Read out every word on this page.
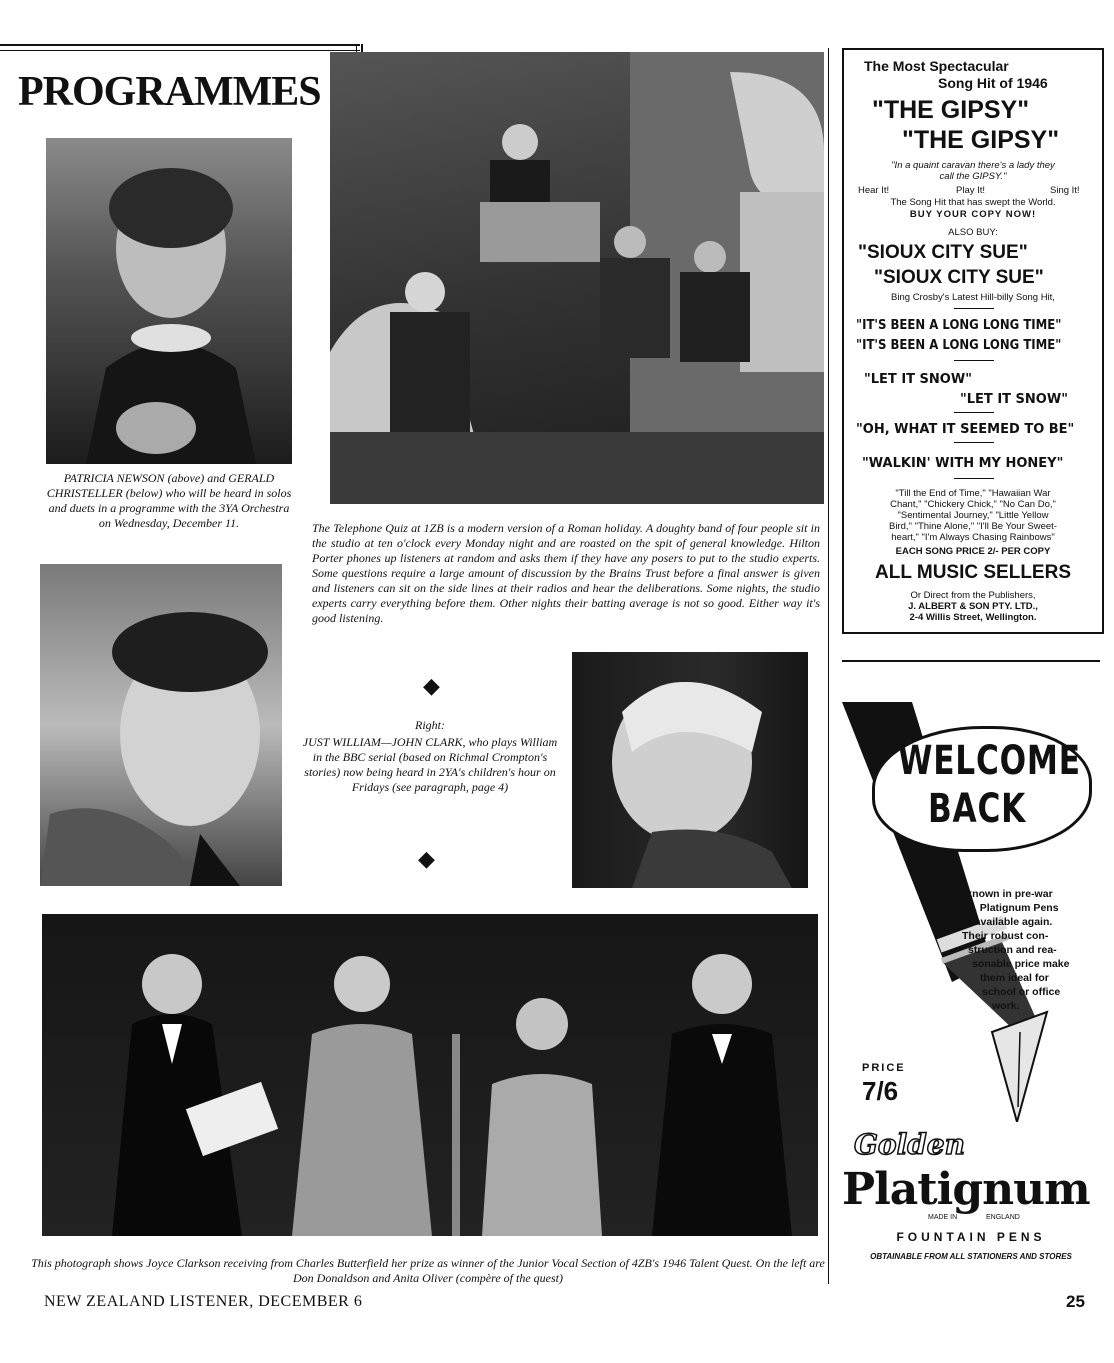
PROGRAMMES
PATRICIA NEWSON (above) and GERALD CHRISTELLER (below) who will be heard in solos and duets in a programme with the 3YA Orchestra on Wednesday, December 11.	The Telephone Quiz at 1ZB is a modern version of a Roman holiday. A doughty band of four people sit in the studio at ten o'clock every Monday night and are roasted on the spit of general knowledge. Hilton Porter phones up listeners at random and asks them if they have any posers to put to the studio experts. Some questions require a large amount of discussion by the Brains Trust before a final answer is given and listeners can sit on the side lines at their radios and hear the deliberations. Some nights, the studio experts carry everything before them. Other nights their batting average is not so good. Either way it's good listening.
◆
◆
Right:
JUST WILLIAM—JOHN CLARK, who plays William in the BBC serial (based on Richmal Crompton's stories) now being heard in 2YA's children's hour on Fridays (see paragraph, page 4)
This photograph shows Joyce Clarkson receiving from Charles Butterfield her prize as winner of the Junior Vocal Section of 4ZB's 1946 Talent Quest. On the left are Don Donaldson and Anita Oliver (compère of the quest)
NEW ZEALAND LISTENER, DECEMBER 6	25
The Most Spectacular
Song Hit of 1946
"THE GIPSY"
"THE GIPSY"
"In a quaint caravan there's a lady they
call the GIPSY."
Hear It!	Play It!	Sing It!
The Song Hit that has swept the World.
BUY YOUR COPY NOW!
ALSO BUY:
"SIOUX CITY SUE"
"SIOUX CITY SUE"
Bing Crosby's Latest Hill-billy Song Hit,
"IT'S BEEN A LONG LONG TIME"
"IT'S BEEN A LONG LONG TIME"
"LET IT SNOW"
"LET IT SNOW"
"OH, WHAT IT SEEMED TO BE"
"WALKIN' WITH MY HONEY"
"Till the End of Time," "Hawaiian War
Chant," "Chickery Chick," "No Can Do,"
"Sentimental Journey," "Little Yellow
Bird," "Thine Alone," "I'll Be Your Sweet-
heart," "I'm Always Chasing Rainbows"
EACH SONG PRICE 2/- PER COPY
ALL MUSIC SELLERS
Or Direct from the Publishers,
J. ALBERT & SON PTY. LTD.,
2-4 Willis Street, Wellington.
WELCOME
BACK
Well known in pre-war
days, Platignum Pens
are available again.
Their robust con-
struction and rea-
sonable price make
them ideal for
school or office
work.
PRICE
7/6
Golden
Platignum
MADE IN	ENGLAND
FOUNTAIN PENS
OBTAINABLE FROM ALL STATIONERS AND STORES
